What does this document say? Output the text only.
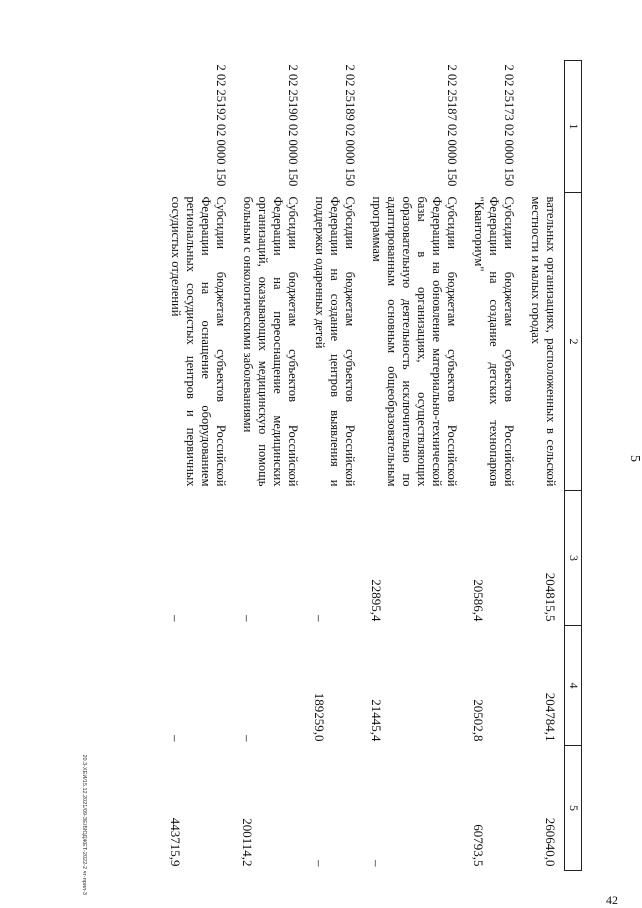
5
1	2	3	4	5
	вательных организациях, расположенных в сельской местности и малых городах	204815,5	204784,1	260640,0
2 02 25173 02 0000 150	Субсидии бюджетам субъектов Российской Федерации на создание детских технопарков "Кванториум"	20586,4	20502,8	60793,5
2 02 25187 02 0000 150	Субсидии бюджетам субъектов Российской Федерации на обновление материально-технической базы в организациях, осуществляющих образовательную деятельность исключительно по адаптированным основным общеобразовательным программам	22895,4	21445,4	–
2 02 25189 02 0000 150	Субсидии бюджетам субъектов Российской Федерации на создание центров выявления и поддержки одаренных детей	–	189259,0	–
2 02 25190 02 0000 150	Субсидии бюджетам субъектов Российской Федерации на переоснащение медицинских организаций, оказывающих медицинскую помощь больным с онкологическими заболеваниями	–	–	200114,2
2 02 25192 02 0000 150	Субсидии бюджетам субъектов Российской Федерации на оснащение оборудованием региональных сосудистых центров и первичных сосудистых отделений	–	–	443715,9
20.3-ХЕИ/15.12.2021/09-ЗЕ/БЮДЖЕТ-2022-2 чт-прил-3
42
